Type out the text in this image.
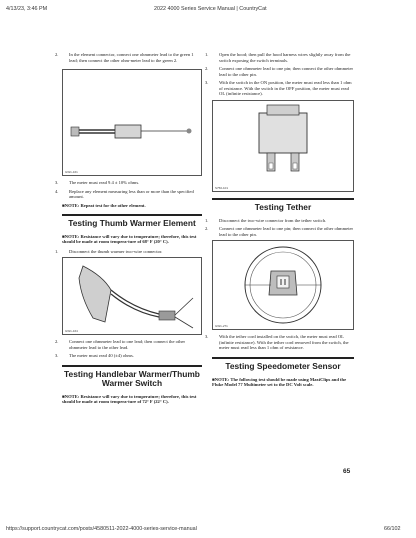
4/13/23, 3:46 PM	2022 4000 Series Service Manual | CountryCat

2. In the element connector, connect one ohmmeter lead to the green 1 lead; then connect the other ohm-meter lead to the green 2.

GW1-161

3. The meter must read 9.4 ± 10% ohms.

4. Replace any element measuring less than or more than the specified amount.

■NOTE: Repeat test for the other element.

Testing Thumb Warmer Element

■NOTE: Resistance will vary due to temperature; therefore, this test should be made at room tempera-ture of 68° F (20° C).

1. Disconnect the thumb warmer two-wire connector.

GW1-164

2. Connect one ohmmeter lead to one lead; then connect the other ohmmeter lead to the other lead.

3. The meter must read 40 (±4) ohms.

Testing Handlebar Warmer/Thumb Warmer Switch

■NOTE: Resistance will vary due to temperature; therefore, this test should be made at room tempera-ture of 72° F (22° C).

1. Open the hood; then pull the hood harness wires slightly away from the switch exposing the switch terminals.

2. Connect one ohmmeter lead to one pin; then connect the other ohmmeter lead to the other pin.

3. With the switch in the ON position, the meter must read less than 1 ohm of resistance. With the switch in the OFF position, the meter must read OL (infinite resistance).

S750-101
Testing Tether

1. Disconnect the two-wire connector from the tether switch.

2. Connect one ohmmeter lead to one pin; then connect the other ohmmeter lead to the other pin.

GW1-271

3. With the tether cord installed on the switch, the meter must read OL (infinite resistance). With the tether cord removed from the switch, the meter must read less than 1 ohm of resistance.

Testing Speedometer Sensor

■NOTE: The following test should be made using MaxiClips and the Fluke Model 77 Multimeter set to the DC Volt scale.

65
https://support.countrycat.com/posts/4580511-2022-4000-series-service-manual	66/102
